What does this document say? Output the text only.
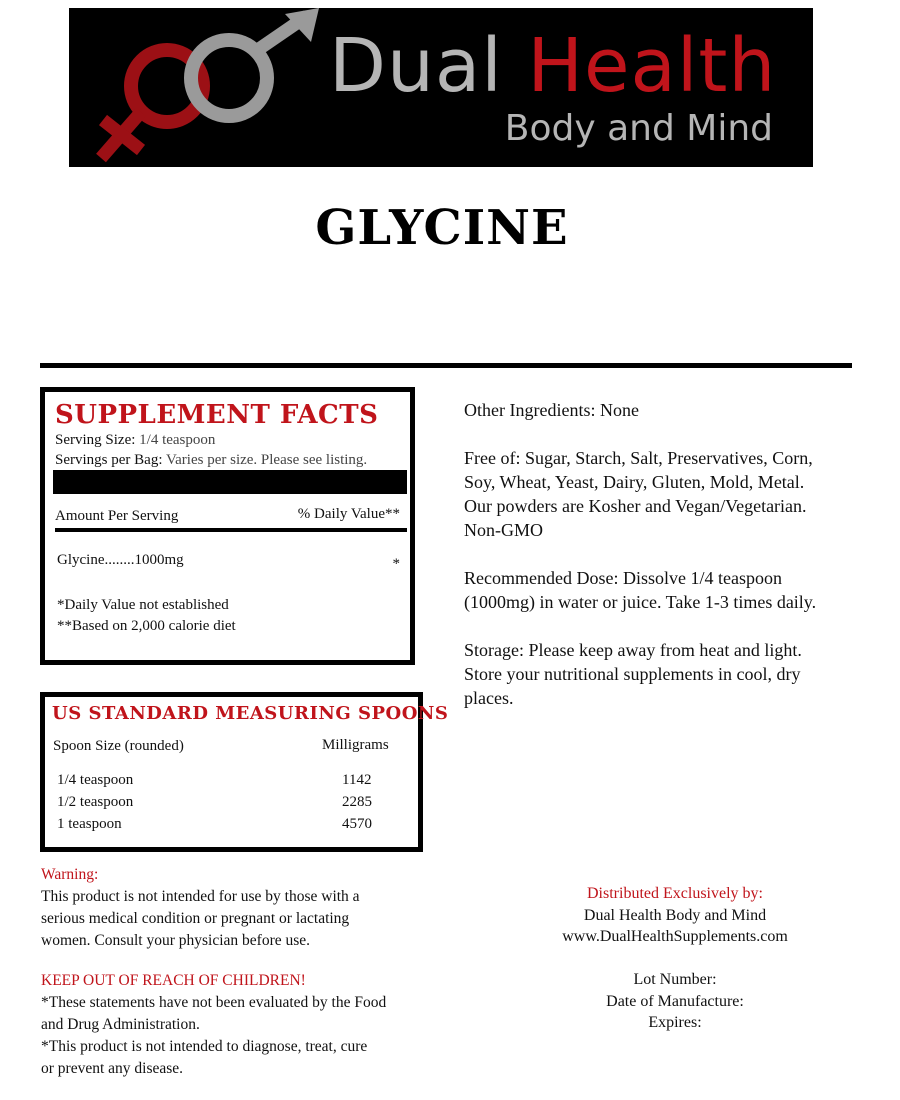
Dual Health
Body and Mind
GLYCINE
SUPPLEMENT FACTS
Serving Size: 1/4 teaspoon
Servings per Bag: Varies per size. Please see listing.
Amount Per Serving	% Daily Value**
Glycine........1000mg	*
*Daily Value not established
**Based on 2,000 calorie diet
US STANDARD MEASURING SPOONS
Spoon Size (rounded)	Milligrams
1/4 teaspoon	1142
1/2 teaspoon	2285
1 teaspoon	4570
Other Ingredients: None
Free of: Sugar, Starch, Salt, Preservatives, Corn,
Soy, Wheat, Yeast, Dairy, Gluten, Mold, Metal.
Our powders are Kosher and Vegan/Vegetarian.
Non-GMO
Recommended Dose: Dissolve 1/4 teaspoon
(1000mg) in water or juice. Take 1-3 times daily.
Storage: Please keep away from heat and light.
Store your nutritional supplements in cool, dry
places.
Warning:
This product is not intended for use by those with a
serious medical condition or pregnant or lactating
women. Consult your physician before use.
KEEP OUT OF REACH OF CHILDREN!
*These statements have not been evaluated by the Food
and Drug Administration.
*This product is not intended to diagnose, treat, cure
or prevent any disease.
Distributed Exclusively by:
Dual Health Body and Mind
www.DualHealthSupplements.com
Lot Number:
Date of Manufacture:
Expires:
